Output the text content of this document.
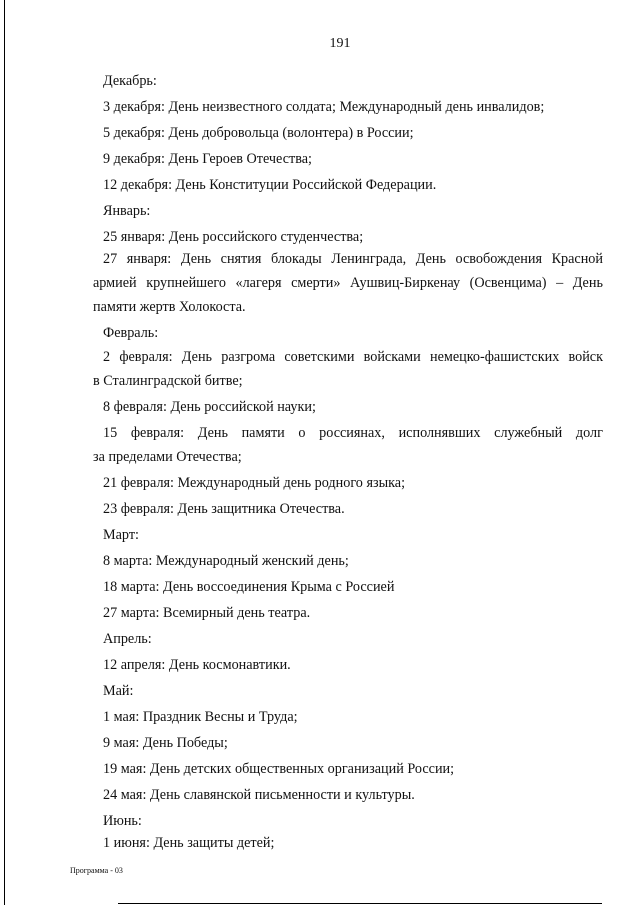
191
Декабрь:
3 декабря: День неизвестного солдата; Международный день инвалидов;
5 декабря: День добровольца (волонтера) в России;
9 декабря: День Героев Отечества;
12 декабря: День Конституции Российской Федерации.
Январь:
25 января: День российского студенчества;
27 января: День снятия блокады Ленинграда, День освобождения Красной
армией крупнейшего «лагеря смерти» Аушвиц-Биркенау (Освенцима) – День
памяти жертв Холокоста.
Февраль:
2 февраля: День разгрома советскими войсками немецко-фашистских войск
в Сталинградской битве;
8 февраля: День российской науки;
15 февраля: День памяти о россиянах, исполнявших служебный долг
за пределами Отечества;
21 февраля: Международный день родного языка;
23 февраля: День защитника Отечества.
Март:
8 марта: Международный женский день;
18 марта: День воссоединения Крыма с Россией
27 марта: Всемирный день театра.
Апрель:
12 апреля: День космонавтики.
Май:
1 мая: Праздник Весны и Труда;
9 мая: День Победы;
19 мая: День детских общественных организаций России;
24 мая: День славянской письменности и культуры.
Июнь:
1 июня: День защиты детей;
Программа - 03
